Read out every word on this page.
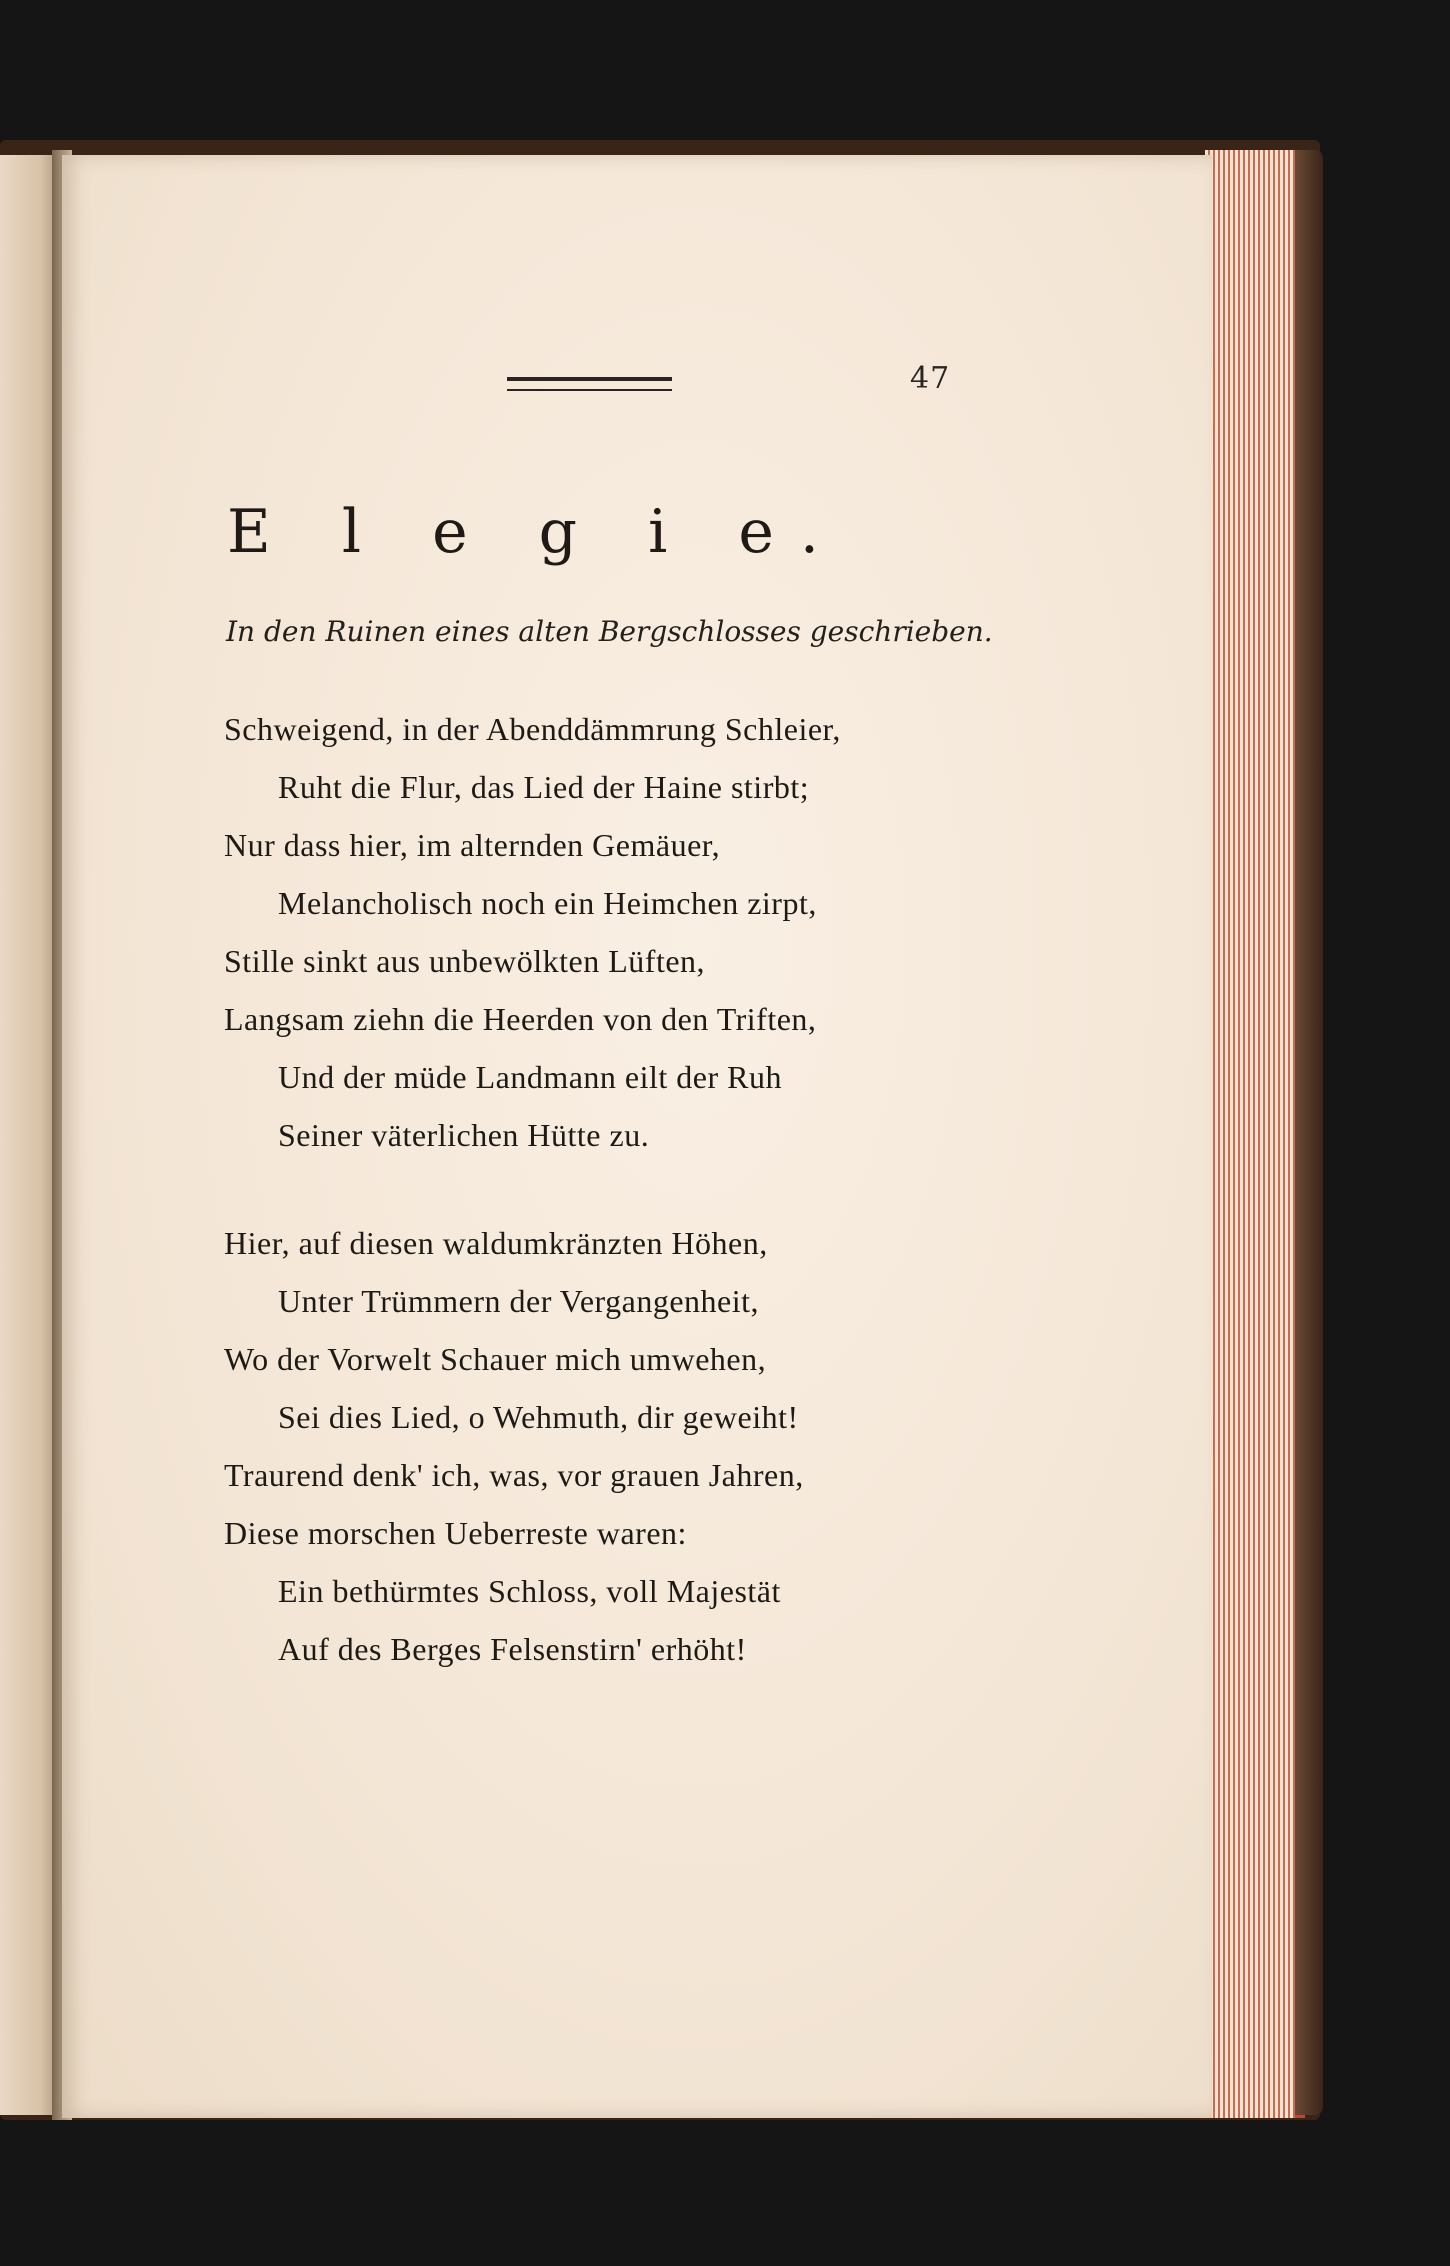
47
E l e g i e.
In den Ruinen eines alten Bergschlosses geschrieben.
Schweigend, in der Abenddämmrung Schleier,
Ruht die Flur, das Lied der Haine stirbt;
Nur dass hier, im alternden Gemäuer,
Melancholisch noch ein Heimchen zirpt,
Stille sinkt aus unbewölkten Lüften,
Langsam ziehn die Heerden von den Triften,
Und der müde Landmann eilt der Ruh
Seiner väterlichen Hütte zu.
Hier, auf diesen waldumkränzten Höhen,
Unter Trümmern der Vergangenheit,
Wo der Vorwelt Schauer mich umwehen,
Sei dies Lied, o Wehmuth, dir geweiht!
Traurend denk' ich, was, vor grauen Jahren,
Diese morschen Ueberreste waren:
Ein bethürmtes Schloss, voll Majestät
Auf des Berges Felsenstirn' erhöht!
